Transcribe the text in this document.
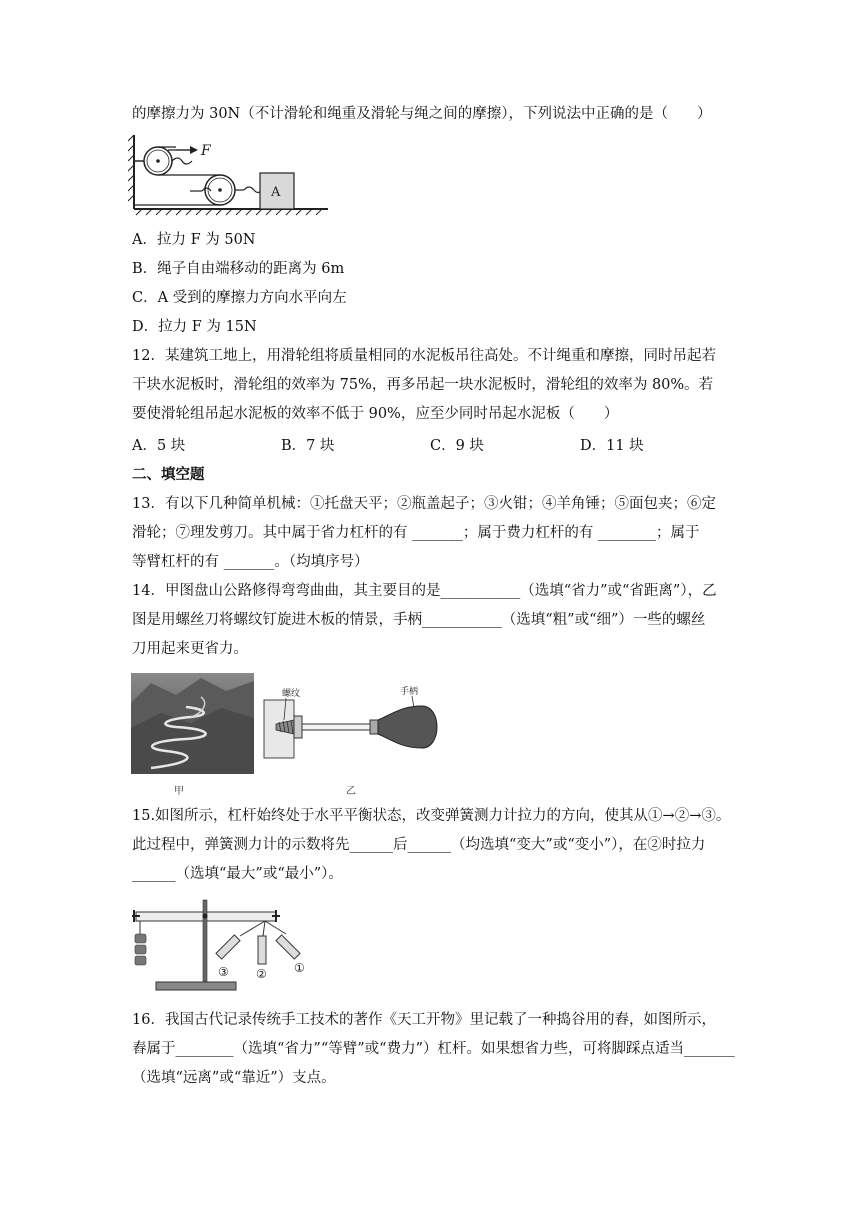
的摩擦力为 30N（不计滑轮和绳重及滑轮与绳之间的摩擦），下列说法中正确的是（　　）
F
A
A．拉力 F 为 50N
B．绳子自由端移动的距离为 6m
C．A 受到的摩擦力方向水平向左
D．拉力 F 为 15N
12．某建筑工地上，用滑轮组将质量相同的水泥板吊往高处。不计绳重和摩擦，同时吊起若
干块水泥板时，滑轮组的效率为 75%，再多吊起一块水泥板时，滑轮组的效率为 80%。若
要使滑轮组吊起水泥板的效率不低于 90%，应至少同时吊起水泥板（　　）
A．5 块	B．7 块	C．9 块	D．11 块
二、填空题
13．有以下几种简单机械：①托盘天平；②瓶盖起子；③火钳；④羊角锤；⑤面包夹；⑥定
滑轮；⑦理发剪刀。其中属于省力杠杆的有 _______；属于费力杠杆的有 ________；属于
等臂杠杆的有 _______。（均填序号）
14．甲图盘山公路修得弯弯曲曲，其主要目的是___________（选填“省力”或“省距离”），乙
图是用螺丝刀将螺纹钉旋进木板的情景，手柄___________（选填“粗”或“细”）一些的螺丝
刀用起来更省力。
甲
螺纹	手柄
乙
15.如图所示，杠杆始终处于水平平衡状态，改变弹簧测力计拉力的方向，使其从①→②→③。
此过程中，弹簧测力计的示数将先______后______（均选填“变大”或“变小”），在②时拉力
______（选填“最大”或“最小”）。
③ ② ①
16．我国古代记录传统手工技术的著作《天工开物》里记载了一种捣谷用的舂，如图所示，
舂属于________（选填“省力”“等臂”或“费力”）杠杆。如果想省力些，可将脚踩点适当_______
（选填“远离”或“靠近”）支点。
